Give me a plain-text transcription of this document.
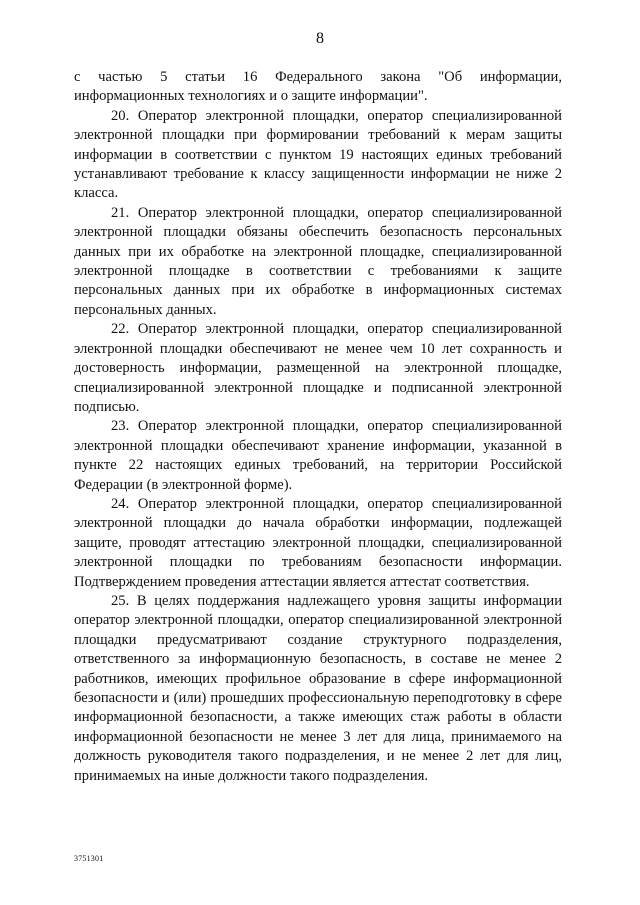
8

с частью 5 статьи 16 Федерального закона "Об информации, информационных технологиях и о защите информации".

20. Оператор электронной площадки, оператор специализированной электронной площадки при формировании требований к мерам защиты информации в соответствии с пунктом 19 настоящих единых требований устанавливают требование к классу защищенности информации не ниже 2 класса.

21. Оператор электронной площадки, оператор специализированной электронной площадки обязаны обеспечить безопасность персональных данных при их обработке на электронной площадке, специализированной электронной площадке в соответствии с требованиями к защите персональных данных при их обработке в информационных системах персональных данных.

22. Оператор электронной площадки, оператор специализированной электронной площадки обеспечивают не менее чем 10 лет сохранность и достоверность информации, размещенной на электронной площадке, специализированной электронной площадке и подписанной электронной подписью.

23. Оператор электронной площадки, оператор специализированной электронной площадки обеспечивают хранение информации, указанной в пункте 22 настоящих единых требований, на территории Российской Федерации (в электронной форме).

24. Оператор электронной площадки, оператор специализированной электронной площадки до начала обработки информации, подлежащей защите, проводят аттестацию электронной площадки, специализированной электронной площадки по требованиям безопасности информации. Подтверждением проведения аттестации является аттестат соответствия.

25. В целях поддержания надлежащего уровня защиты информации оператор электронной площадки, оператор специализированной электронной площадки предусматривают создание структурного подразделения, ответственного за информационную безопасность, в составе не менее 2 работников, имеющих профильное образование в сфере информационной безопасности и (или) прошедших профессиональную переподготовку в сфере информационной безопасности, а также имеющих стаж работы в области информационной безопасности не менее 3 лет для лица, принимаемого на должность руководителя такого подразделения, и не менее 2 лет для лиц, принимаемых на иные должности такого подразделения.

3751301
